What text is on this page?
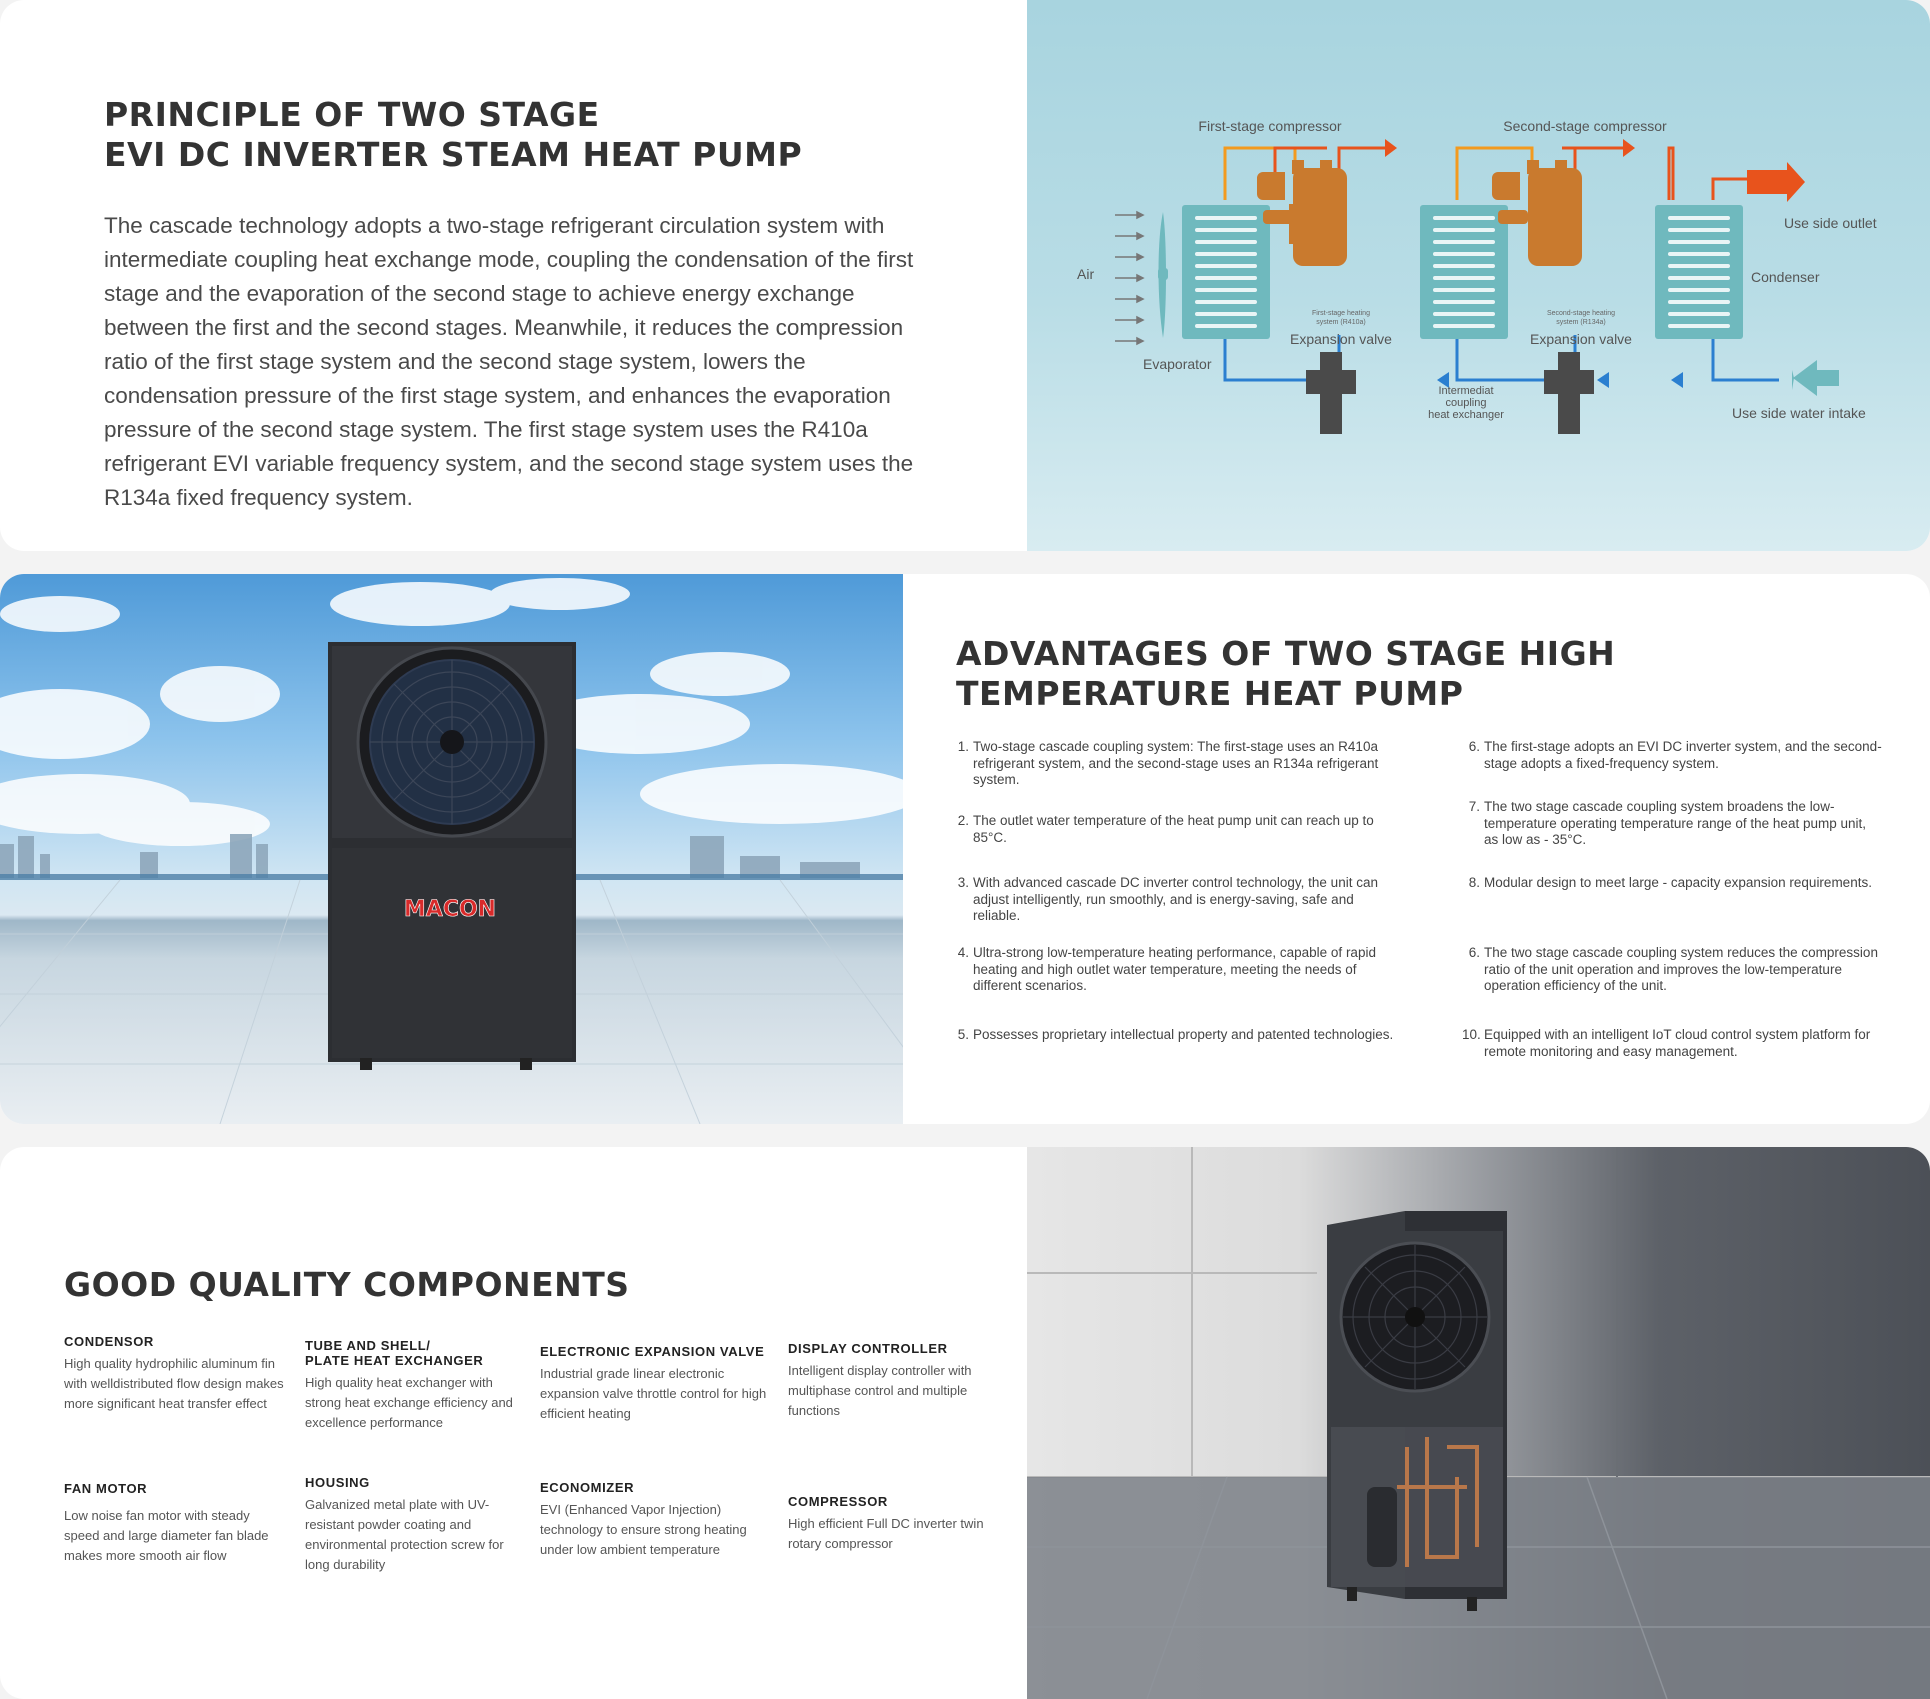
PRINCIPLE OF TWO STAGE
EVI DC INVERTER STEAM HEAT PUMP

The cascade technology adopts a two-stage refrigerant circulation system with intermediate coupling heat exchange mode, coupling the condensation of the first stage and the evaporation of the second stage to achieve energy exchange between the first and the second stages. Meanwhile, it reduces the compression ratio of the first stage system and the second stage system, lowers the condensation pressure of the first stage system, and enhances the evaporation pressure of the second stage system. The first stage system uses the R410a refrigerant EVI variable frequency system, and the second stage system uses the R134a fixed frequency system.

First-stage compressor	Second-stage compressor
Air
Evaporator
Expansion valve	Expansion valve
Condenser
Use side outlet
Use side water intake
First-stage heating
system (R410a)
Second-stage heating
system (R134a)
Intermediat
coupling
heat exchanger
MACON
ADVANTAGES OF TWO STAGE HIGH
TEMPERATURE HEAT PUMP
1. Two-stage cascade coupling system: The first-stage uses an R410a refrigerant system, and the second-stage uses an R134a refrigerant system.
2. The outlet water temperature of the heat pump unit can reach up to 85°C.
3. With advanced cascade DC inverter control technology, the unit can adjust intelligently, run smoothly, and is energy-saving, safe and reliable.
4. Ultra-strong low-temperature heating performance, capable of rapid heating and high outlet water temperature, meeting the needs of different scenarios.
5. Possesses proprietary intellectual property and patented technologies.
6. The first-stage adopts an EVI DC inverter system, and the second-stage adopts a fixed-frequency system.
7. The two stage cascade coupling system broadens the low-temperature operating temperature range of the heat pump unit, as low as - 35°C.
8. Modular design to meet large - capacity expansion requirements.
6. The two stage cascade coupling system reduces the compression ratio of the unit operation and improves the low-temperature operation efficiency of the unit.
10. Equipped with an intelligent IoT cloud control system platform for remote monitoring and easy management.
GOOD QUALITY COMPONENTS
CONDENSOR
High quality hydrophilic aluminum fin with welldistributed flow design makes more significant heat transfer effect
TUBE AND SHELL/
PLATE HEAT EXCHANGER
High quality heat exchanger with strong heat exchange efficiency and excellence performance
ELECTRONIC EXPANSION VALVE
Industrial grade linear electronic expansion valve throttle control for high efficient heating
DISPLAY CONTROLLER
Intelligent display controller with multiphase control and multiple functions
FAN MOTOR
Low noise fan motor with steady speed and large diameter fan blade makes more smooth air flow
HOUSING
Galvanized metal plate with UV-resistant powder coating and environmental protection screw for long durability
ECONOMIZER
EVI (Enhanced Vapor Injection) technology to ensure strong heating under low ambient temperature
COMPRESSOR
High efficient Full DC inverter twin rotary compressor
